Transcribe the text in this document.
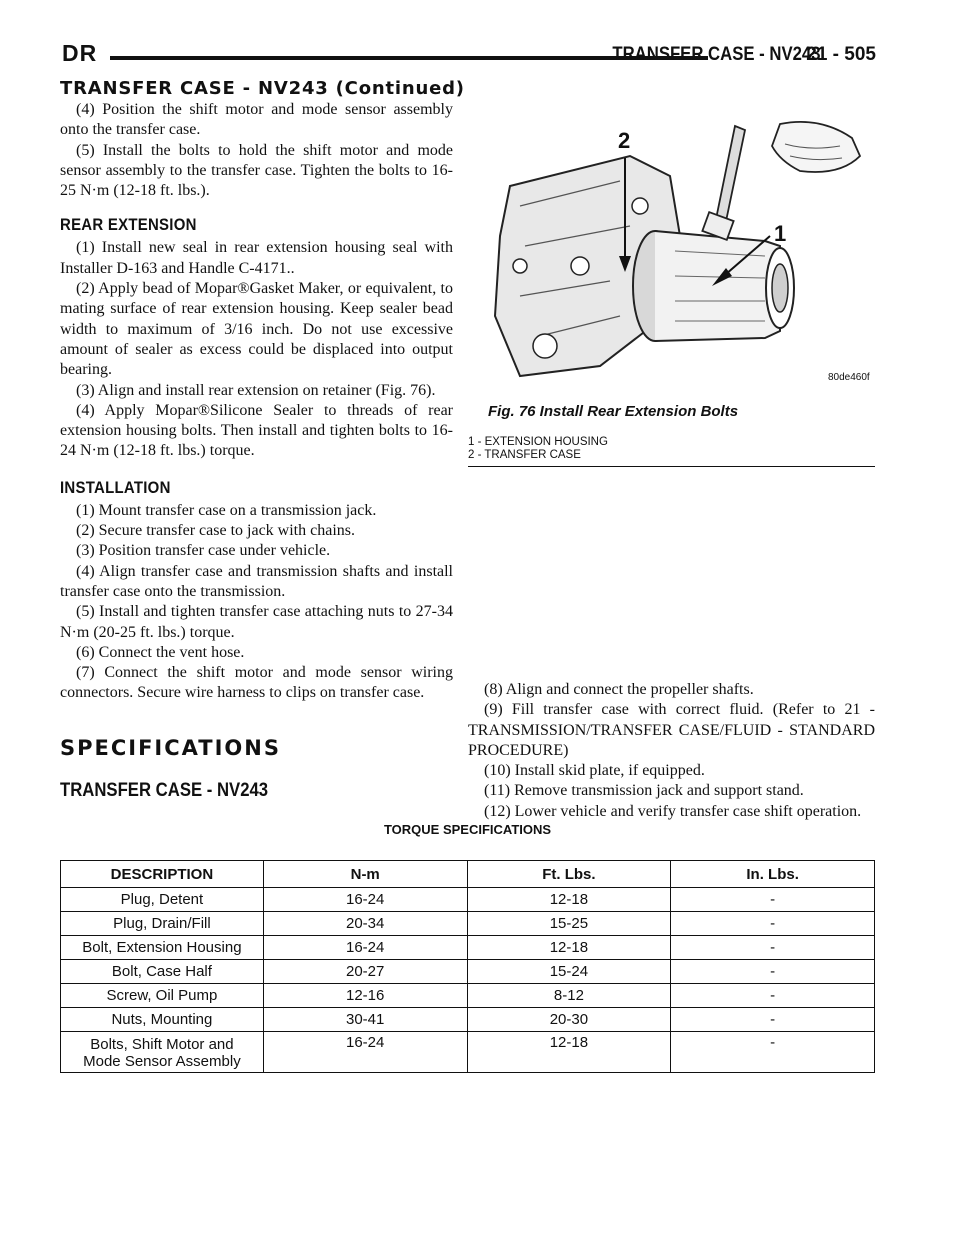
DR	TRANSFER CASE - NV243
21 - 505
TRANSFER CASE - NV243 (Continued)

(4) Position the shift motor and mode sensor assembly onto the transfer case.

(5) Install the bolts to hold the shift motor and mode sensor assembly to the transfer case. Tighten the bolts to 16-25 N·m (12-18 ft. lbs.).

REAR EXTENSION

(1) Install new seal in rear extension housing seal with Installer D-163 and Handle C-4171..

(2) Apply bead of Mopar®Gasket Maker, or equivalent, to mating surface of rear extension housing. Keep sealer bead width to maximum of 3/16 inch. Do not use excessive amount of sealer as excess could be displaced into output bearing.

(3) Align and install rear extension on retainer (Fig. 76).

(4) Apply Mopar®Silicone Sealer to threads of rear extension housing bolts. Then install and tighten bolts to 16-24 N·m (12-18 ft. lbs.) torque.

INSTALLATION

(1) Mount transfer case on a transmission jack.

(2) Secure transfer case to jack with chains.

(3) Position transfer case under vehicle.

(4) Align transfer case and transmission shafts and install transfer case onto the transmission.

(5) Install and tighten transfer case attaching nuts to 27-34 N·m (20-25 ft. lbs.) torque.

(6) Connect the vent hose.

(7) Connect the shift motor and mode sensor wiring connectors. Secure wire harness to clips on transfer case.

2
1
80de460f
Fig. 76 Install Rear Extension Bolts
1 - EXTENSION HOUSING
2 - TRANSFER CASE

(8) Align and connect the propeller shafts.

(9) Fill transfer case with correct fluid. (Refer to 21 - TRANSMISSION/TRANSFER CASE/FLUID - STANDARD PROCEDURE)

(10) Install skid plate, if equipped.

(11) Remove transmission jack and support stand.

(12) Lower vehicle and verify transfer case shift operation.

SPECIFICATIONS
TRANSFER CASE - NV243
TORQUE SPECIFICATIONS
DESCRIPTION	N-m	Ft. Lbs.	In. Lbs.
Plug, Detent	16-24	12-18	-
Plug, Drain/Fill	20-34	15-25	-
Bolt, Extension Housing	16-24	12-18	-
Bolt, Case Half	20-27	15-24	-
Screw, Oil Pump	12-16	8-12	-
Nuts, Mounting	30-41	20-30	-

Bolts, Shift Motor and
Mode Sensor Assembly	16-24	12-18	-
